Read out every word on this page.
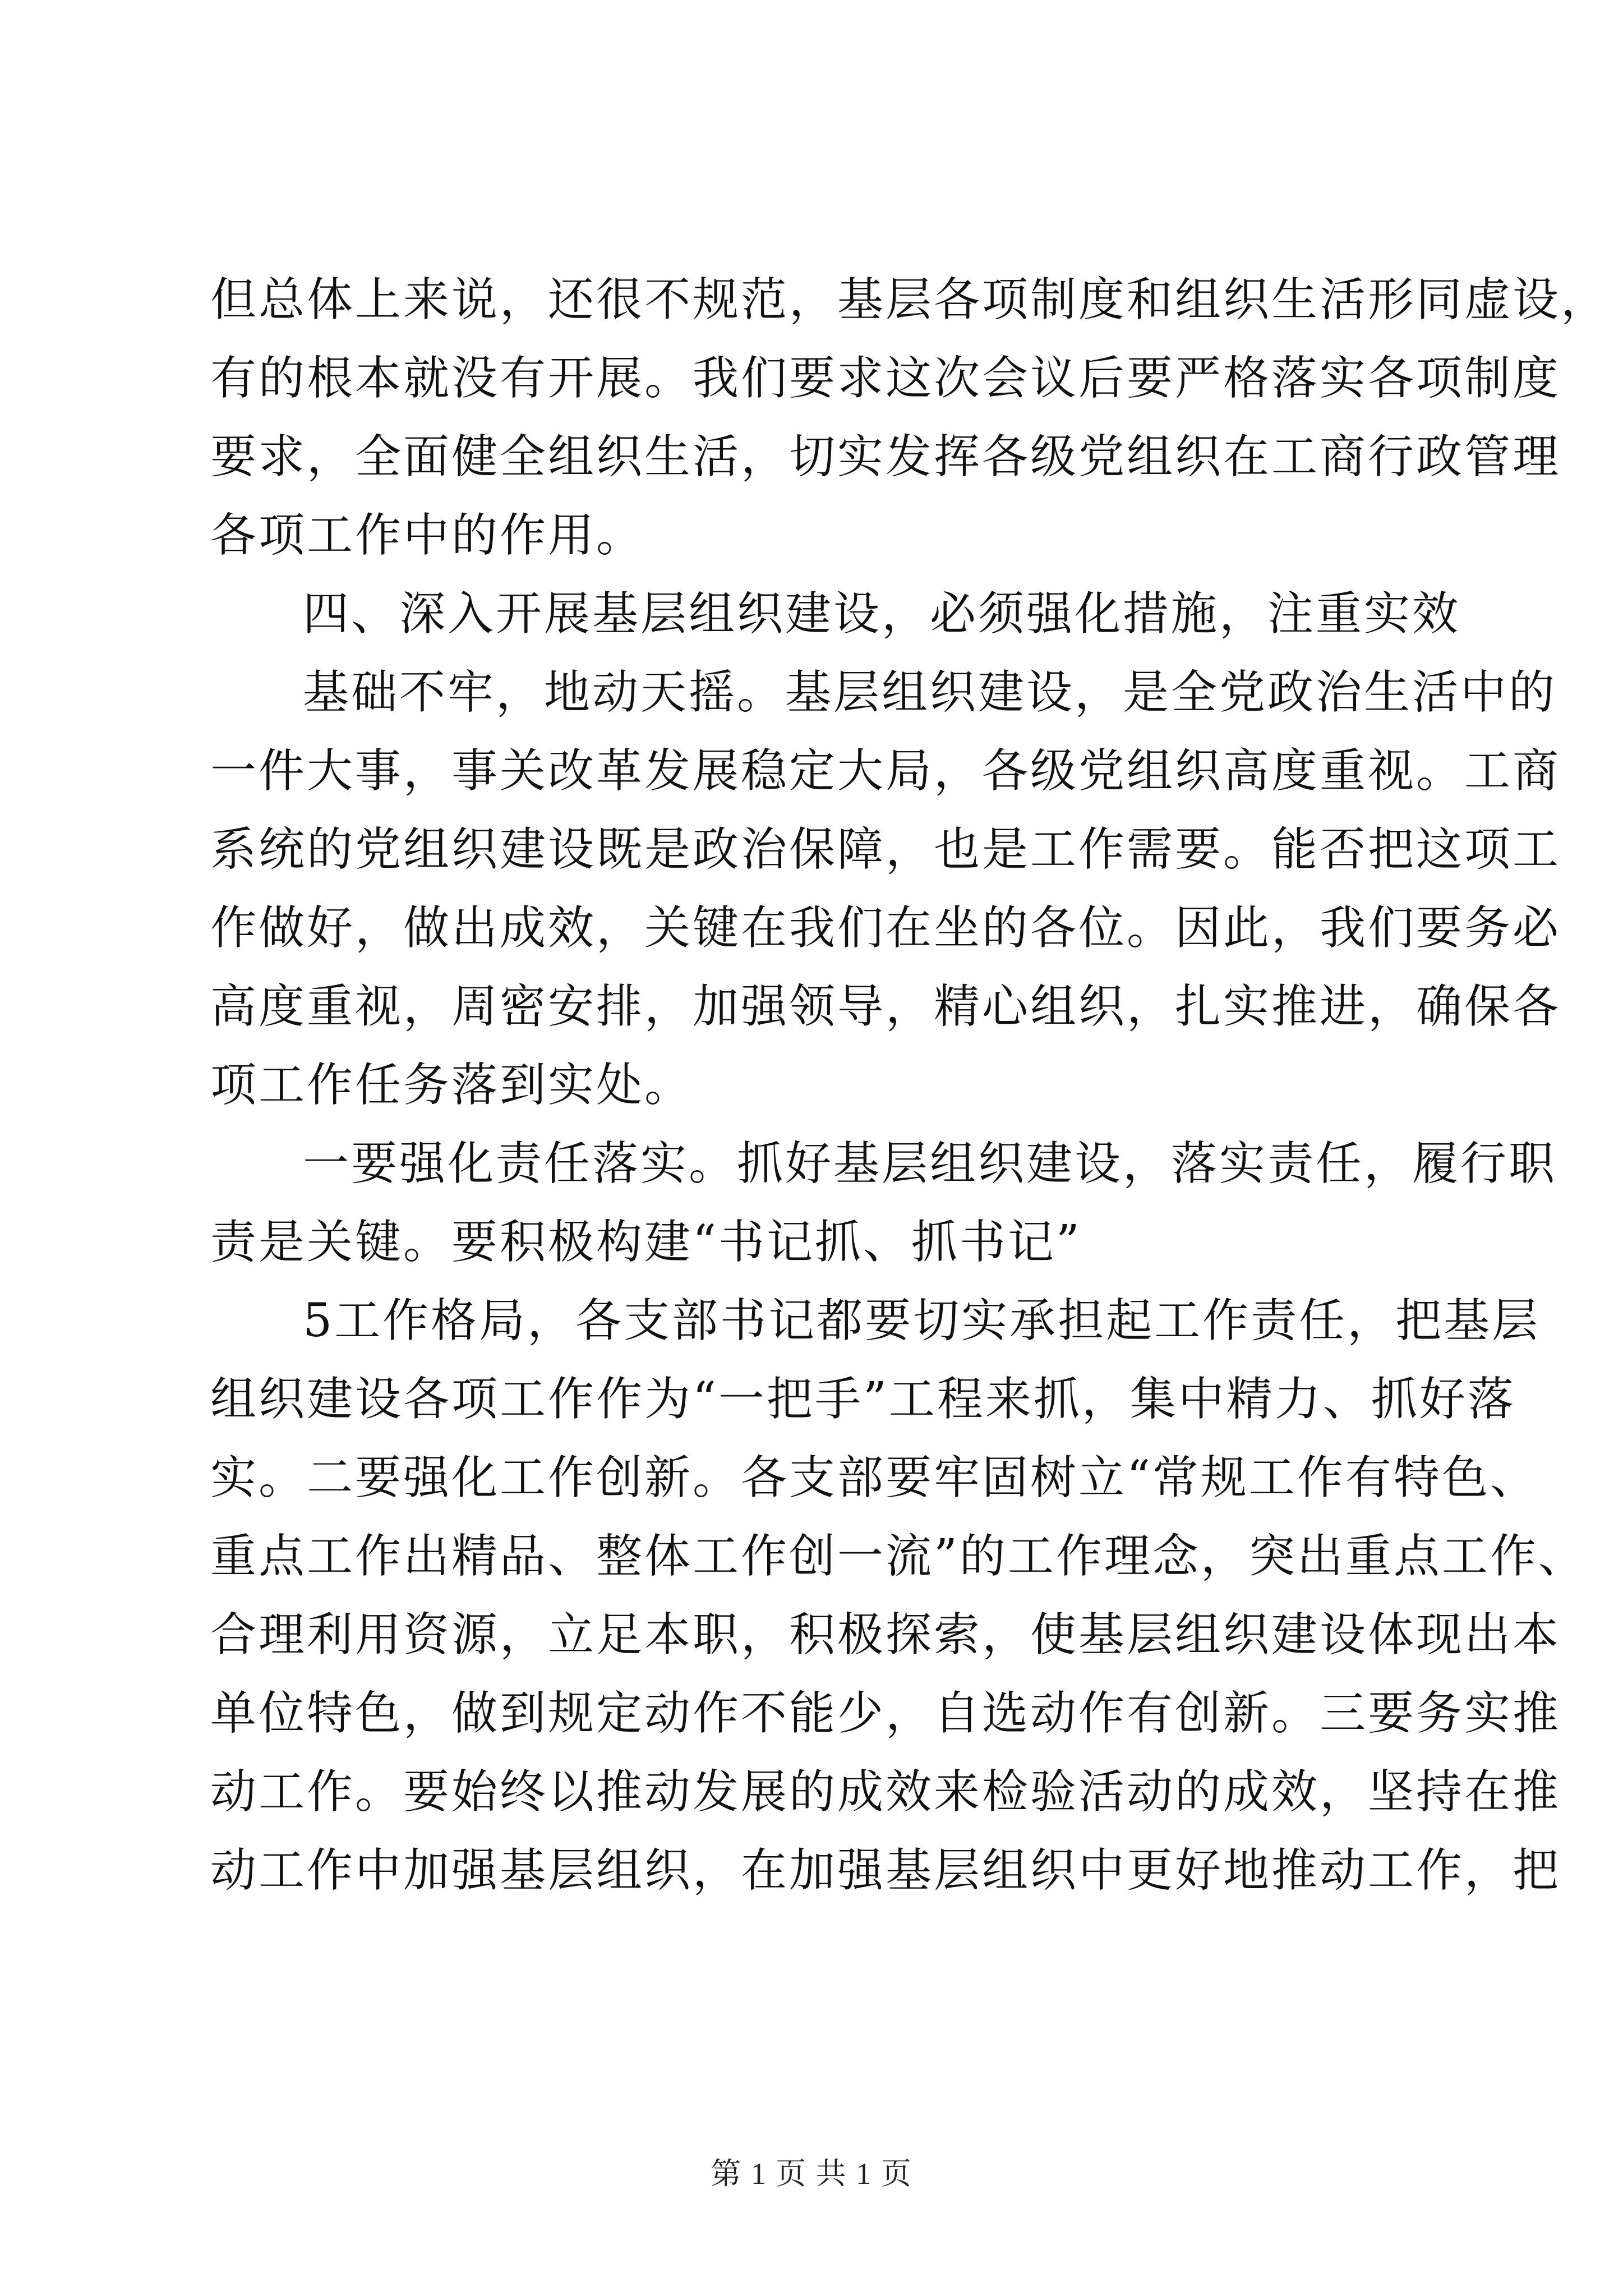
但总体上来说，还很不规范，基层各项制度和组织生活形同虚设，
有的根本就没有开展。我们要求这次会议后要严格落实各项制度
要求，全面健全组织生活，切实发挥各级党组织在工商行政管理
各项工作中的作用。
四、深入开展基层组织建设，必须强化措施，注重实效
基础不牢，地动天摇。基层组织建设，是全党政治生活中的
一件大事，事关改革发展稳定大局，各级党组织高度重视。工商
系统的党组织建设既是政治保障，也是工作需要。能否把这项工
作做好，做出成效，关键在我们在坐的各位。因此，我们要务必
高度重视，周密安排，加强领导，精心组织，扎实推进，确保各
项工作任务落到实处。
一要强化责任落实。抓好基层组织建设，落实责任，履行职
责是关键。要积极构建“书记抓、抓书记”
5工作格局，各支部书记都要切实承担起工作责任，把基层
组织建设各项工作作为“一把手”工程来抓，集中精力、抓好落
实。二要强化工作创新。各支部要牢固树立“常规工作有特色、
重点工作出精品、整体工作创一流”的工作理念，突出重点工作、
合理利用资源，立足本职，积极探索，使基层组织建设体现出本
单位特色，做到规定动作不能少，自选动作有创新。三要务实推
动工作。要始终以推动发展的成效来检验活动的成效，坚持在推
动工作中加强基层组织，在加强基层组织中更好地推动工作，把
第 1 页 共 1 页
